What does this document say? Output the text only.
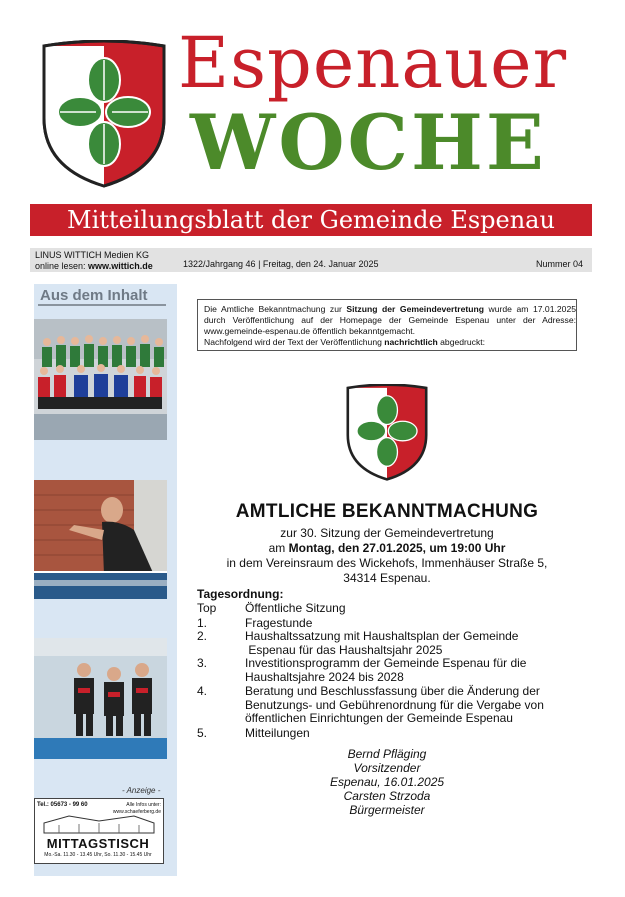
Espenauer
WOCHE
Mitteilungsblatt der Gemeinde Espenau
LINUS WITTICH Medien KG
online lesen: www.wittich.de	1322/Jahrgang 46 | Freitag, den 24. Januar 2025	Nummer 04
Aus dem Inhalt
- Anzeige -
Tel.: 05673 - 99 60	Alle Infos unter:
www.schaeferberg.de
MITTAGSTISCH
Mo.-Sa. 11.30 - 13.45 Uhr, So. 11.30 - 15.45 Uhr
Die Amtliche Bekanntmachung zur Sitzung der Gemeindevertretung wurde am 17.01.2025 durch Veröffentlichung auf der Homepage der Gemeinde Espenau unter der Adresse: www.gemeinde-espenau.de öffentlich bekanntgemacht.
Nachfolgend wird der Text der Veröffentlichung nachrichtlich abgedruckt:
AMTLICHE BEKANNTMACHUNG
zur 30. Sitzung der Gemeindevertretung
am Montag, den 27.01.2025, um 19:00 Uhr
in dem Vereinsraum des Wickehofs, Immenhäuser Straße 5,
34314 Espenau.
Tagesordnung:
Top Öffentliche Sitzung
1.	Fragestunde
2.	Haushaltssatzung mit Haushaltsplan der Gemeinde
Espenau für das Haushaltsjahr 2025
3.	Investitionsprogramm der Gemeinde Espenau für die
Haushaltsjahre 2024 bis 2028
4.	Beratung und Beschlussfassung über die Änderung der
Benutzungs- und Gebührenordnung für die Vergabe von
öffentlichen Einrichtungen der Gemeinde Espenau
5.	Mitteilungen
Bernd Pfläging
Vorsitzender
Espenau, 16.01.2025
Carsten Strzoda
Bürgermeister
